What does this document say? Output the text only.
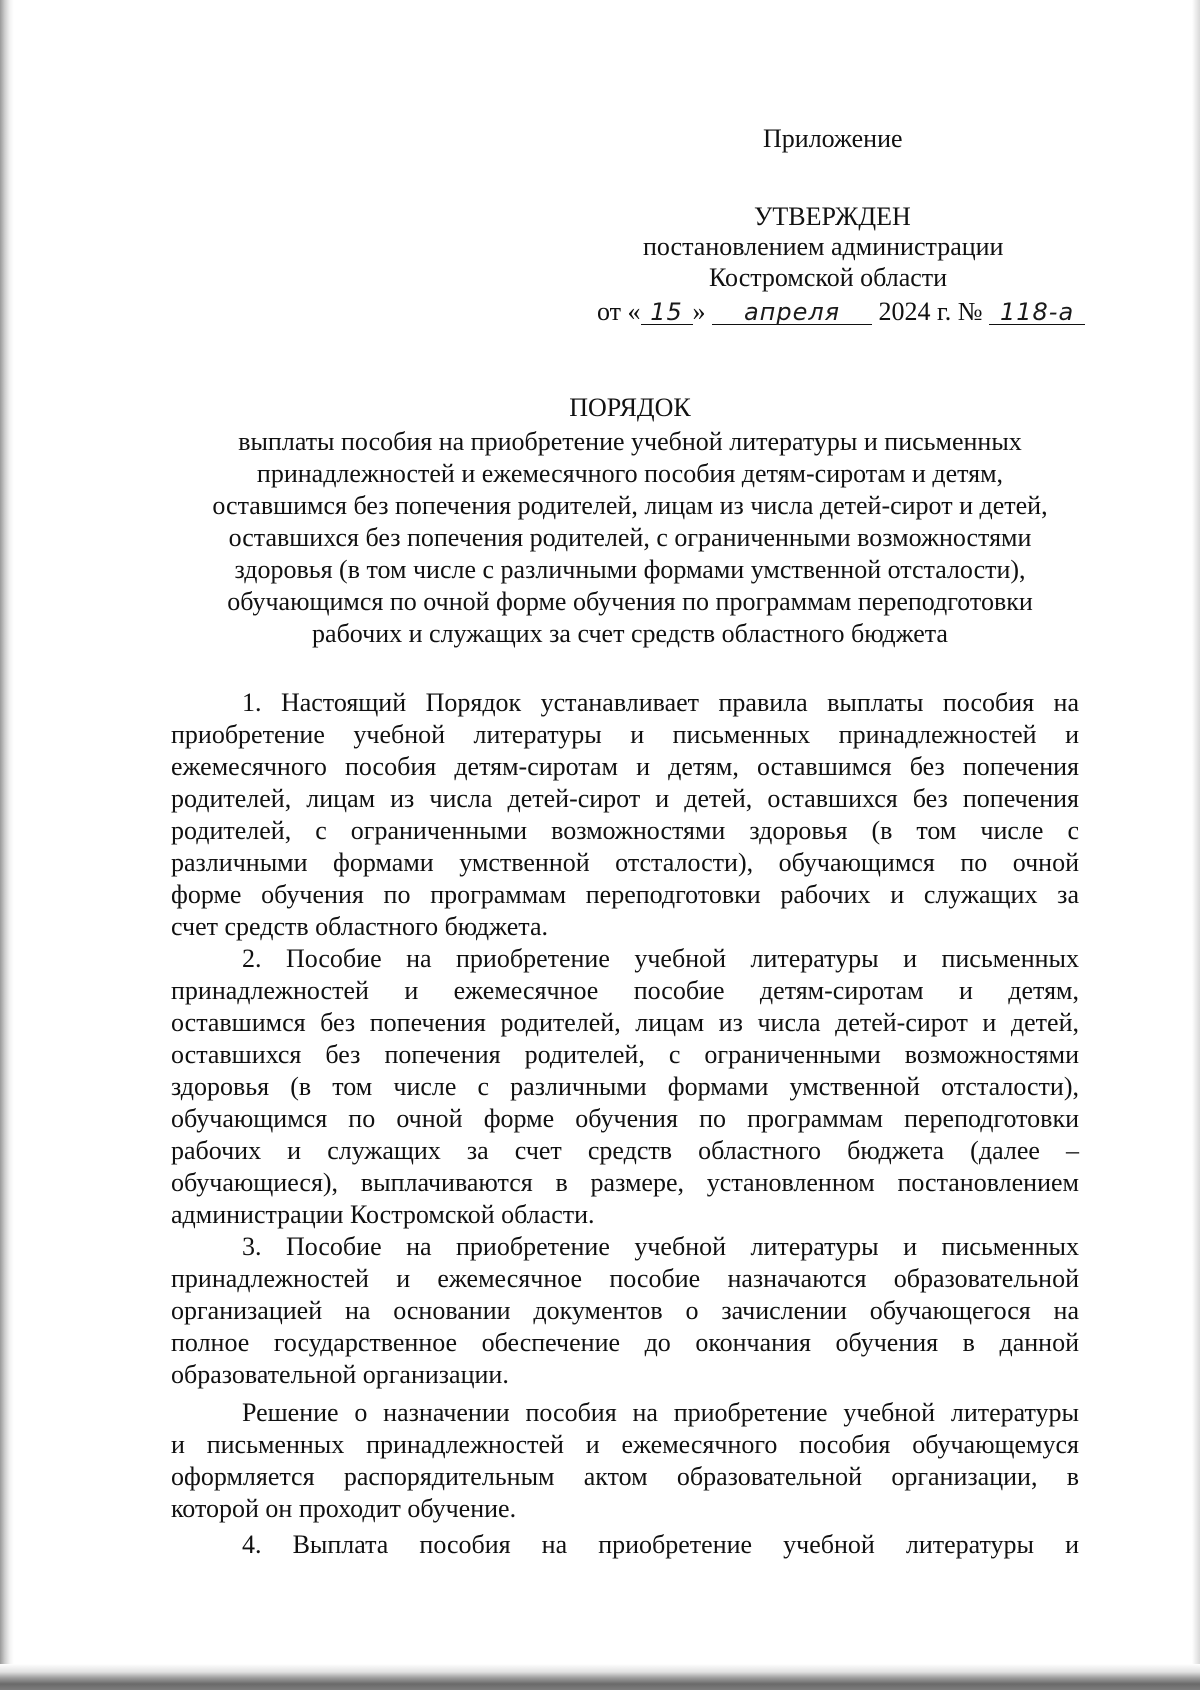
Приложение
УТВЕРЖДЕН
постановлением администрации
Костромской области
от « 15 » апреля 2024 г. № 118-а
ПОРЯДОК
выплаты пособия на приобретение учебной литературы и письменных
принадлежностей и ежемесячного пособия детям-сиротам и детям,
оставшимся без попечения родителей, лицам из числа детей-сирот и детей,
оставшихся без попечения родителей, с ограниченными возможностями
здоровья (в том числе с различными формами умственной отсталости),
обучающимся по очной форме обучения по программам переподготовки
рабочих и служащих за счет средств областного бюджета
1. Настоящий Порядок устанавливает правила выплаты пособия на
приобретение учебной литературы и письменных принадлежностей и
ежемесячного пособия детям-сиротам и детям, оставшимся без попечения
родителей, лицам из числа детей-сирот и детей, оставшихся без попечения
родителей, с ограниченными возможностями здоровья (в том числе с
различными формами умственной отсталости), обучающимся по очной
форме обучения по программам переподготовки рабочих и служащих за
счет средств областного бюджета.
2. Пособие на приобретение учебной литературы и письменных
принадлежностей и ежемесячное пособие детям-сиротам и детям,
оставшимся без попечения родителей, лицам из числа детей-сирот и детей,
оставшихся без попечения родителей, с ограниченными возможностями
здоровья (в том числе с различными формами умственной отсталости),
обучающимся по очной форме обучения по программам переподготовки
рабочих и служащих за счет средств областного бюджета (далее –
обучающиеся), выплачиваются в размере, установленном постановлением
администрации Костромской области.
3. Пособие на приобретение учебной литературы и письменных
принадлежностей и ежемесячное пособие назначаются образовательной
организацией на основании документов о зачислении обучающегося на
полное государственное обеспечение до окончания обучения в данной
образовательной организации.
Решение о назначении пособия на приобретение учебной литературы
и письменных принадлежностей и ежемесячного пособия обучающемуся
оформляется распорядительным актом образовательной организации, в
которой он проходит обучение.
4. Выплата пособия на приобретение учебной литературы и
